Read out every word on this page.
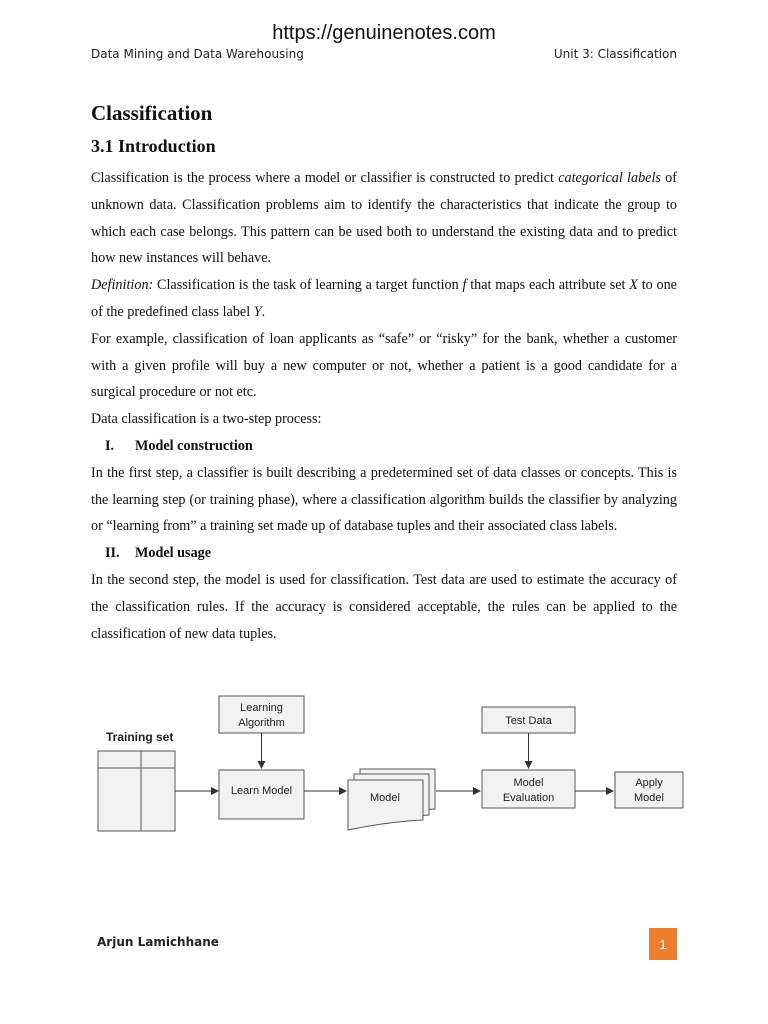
https://genuinenotes.com
Data Mining and Data Warehousing	Unit 3: Classification
Classification
3.1 Introduction

Classification is the process where a model or classifier is constructed to predict categorical labels of unknown data. Classification problems aim to identify the characteristics that indicate the group to which each case belongs. This pattern can be used both to understand the existing data and to predict how new instances will behave.

Definition: Classification is the task of learning a target function f that maps each attribute set X to one of the predefined class label Y.

For example, classification of loan applicants as “safe” or “risky” for the bank, whether a customer with a given profile will buy a new computer or not, whether a patient is a good candidate for a surgical procedure or not etc.

Data classification is a two-step process:

I. Model construction

In the first step, a classifier is built describing a predetermined set of data classes or concepts. This is the learning step (or training phase), where a classification algorithm builds the classifier by analyzing or “learning from” a training set made up of database tuples and their associated class labels.

II. Model usage

In the second step, the model is used for classification. Test data are used to estimate the accuracy of the classification rules. If the accuracy is considered acceptable, the rules can be applied to the classification of new data tuples.

Training set
Learning
Algorithm
Learn Model
Model
Test Data
Model
Evaluation
Apply
Model
Arjun Lamichhane	1
